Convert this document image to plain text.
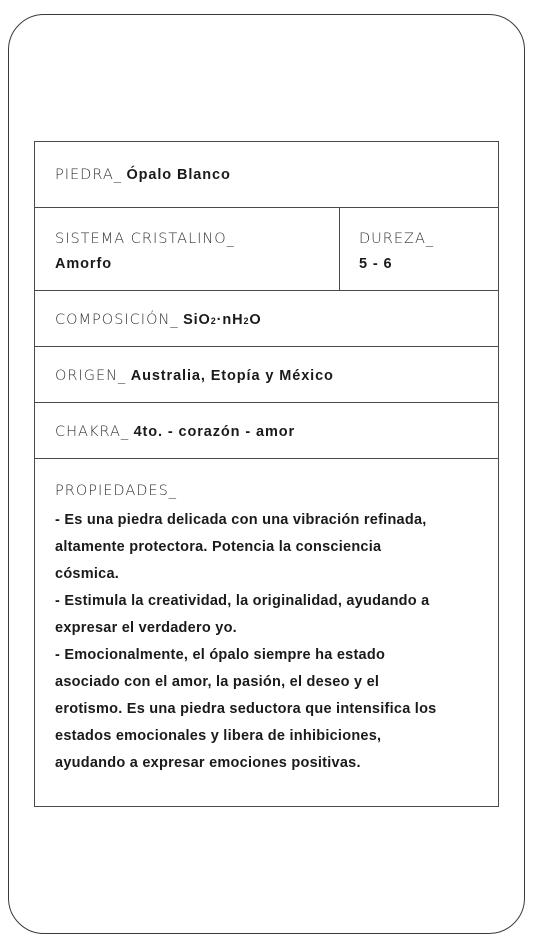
PIEDRA_ Ópalo Blanco
SISTEMA CRISTALINO_
Amorfo
DUREZA_
5 - 6
COMPOSICIÓN_ SiO2·nH2O
ORIGEN_ Australia, Etopía y México
CHAKRA_ 4to. - corazón - amor
PROPIEDADES_
- Es una piedra delicada con una vibración refinada,
altamente protectora. Potencia la consciencia
cósmica.
- Estimula la creatividad, la originalidad, ayudando a
expresar el verdadero yo.
- Emocionalmente, el ópalo siempre ha estado
asociado con el amor, la pasión, el deseo y el
erotismo. Es una piedra seductora que intensifica los
estados emocionales y libera de inhibiciones,
ayudando a expresar emociones positivas.
